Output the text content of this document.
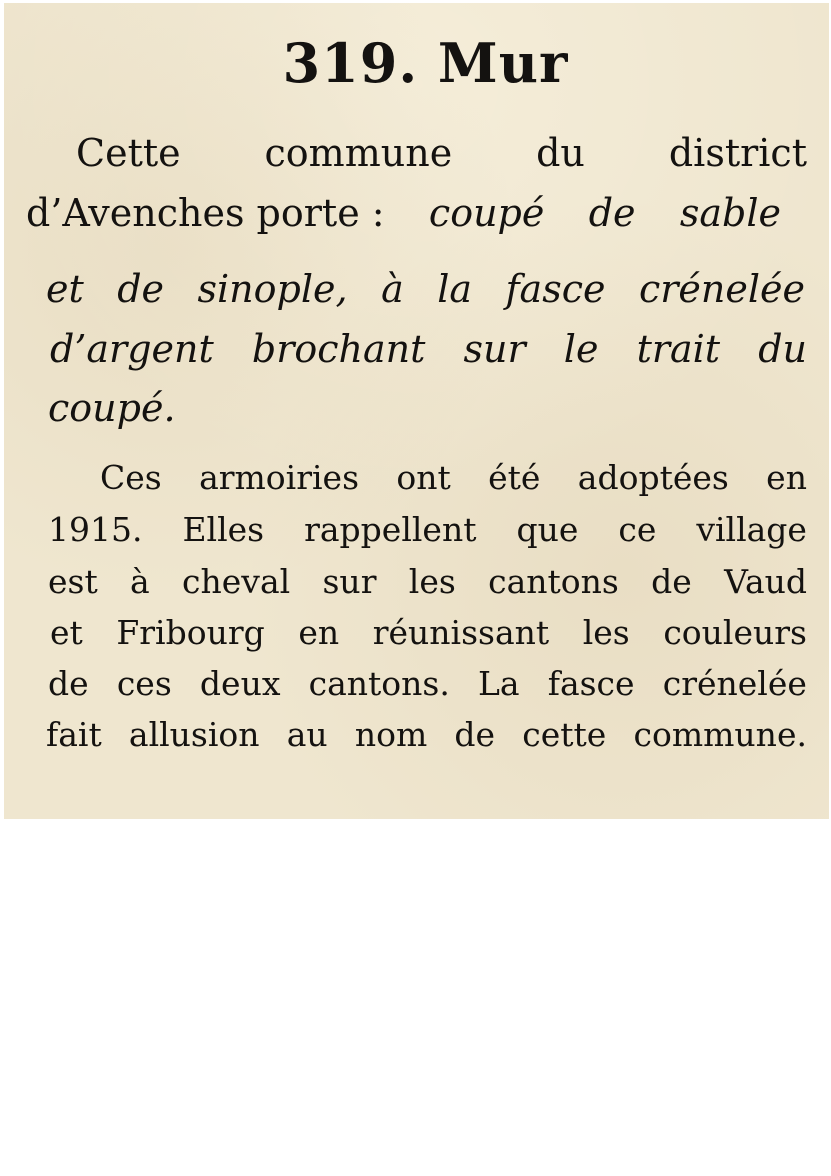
319. Mur
Cette commune du district
d’Avenches porte : coupé de sable
et de sinople, à la fasce crénelée
d’argent brochant sur le trait du
coupé.
Ces armoiries ont été adoptées en
1915. Elles rappellent que ce village
est à cheval sur les cantons de Vaud
et Fribourg en réunissant les couleurs
de ces deux cantons. La fasce crénelée
fait allusion au nom de cette commune.
